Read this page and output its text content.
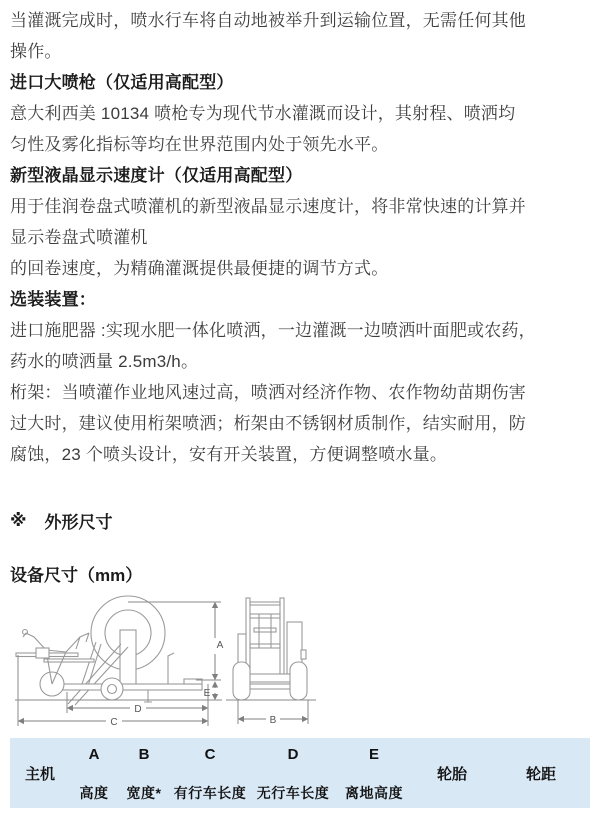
当灌溉完成时，喷水行车将自动地被举升到运输位置，无需任何其他
操作。
进口大喷枪（仅适用高配型）
意大利西美 10134 喷枪专为现代节水灌溉而设计，其射程、喷洒均
匀性及雾化指标等均在世界范围内处于领先水平。
新型液晶显示速度计（仅适用高配型）
用于佳润卷盘式喷灌机的新型液晶显示速度计，将非常快速的计算并
显示卷盘式喷灌机
的回卷速度，为精确灌溉提供最便捷的调节方式。
选装装置：
进口施肥器 :实现水肥一体化喷洒，一边灌溉一边喷洒叶面肥或农药，
药水的喷洒量 2.5m3/h。
桁架：当喷灌作业地风速过高，喷洒对经济作物、农作物幼苗期伤害
过大时，建议使用桁架喷洒；桁架由不锈钢材质制作，结实耐用，防
腐蚀，23 个喷头设计，安有开关装置，方便调整喷水量。
※ 外形尺寸
设备尺寸（mm）
A
E
D
C	B
主机
A
高度
B
宽度*
C
有行车长度
D
无行车长度
E
离地高度
轮胎	轮距
